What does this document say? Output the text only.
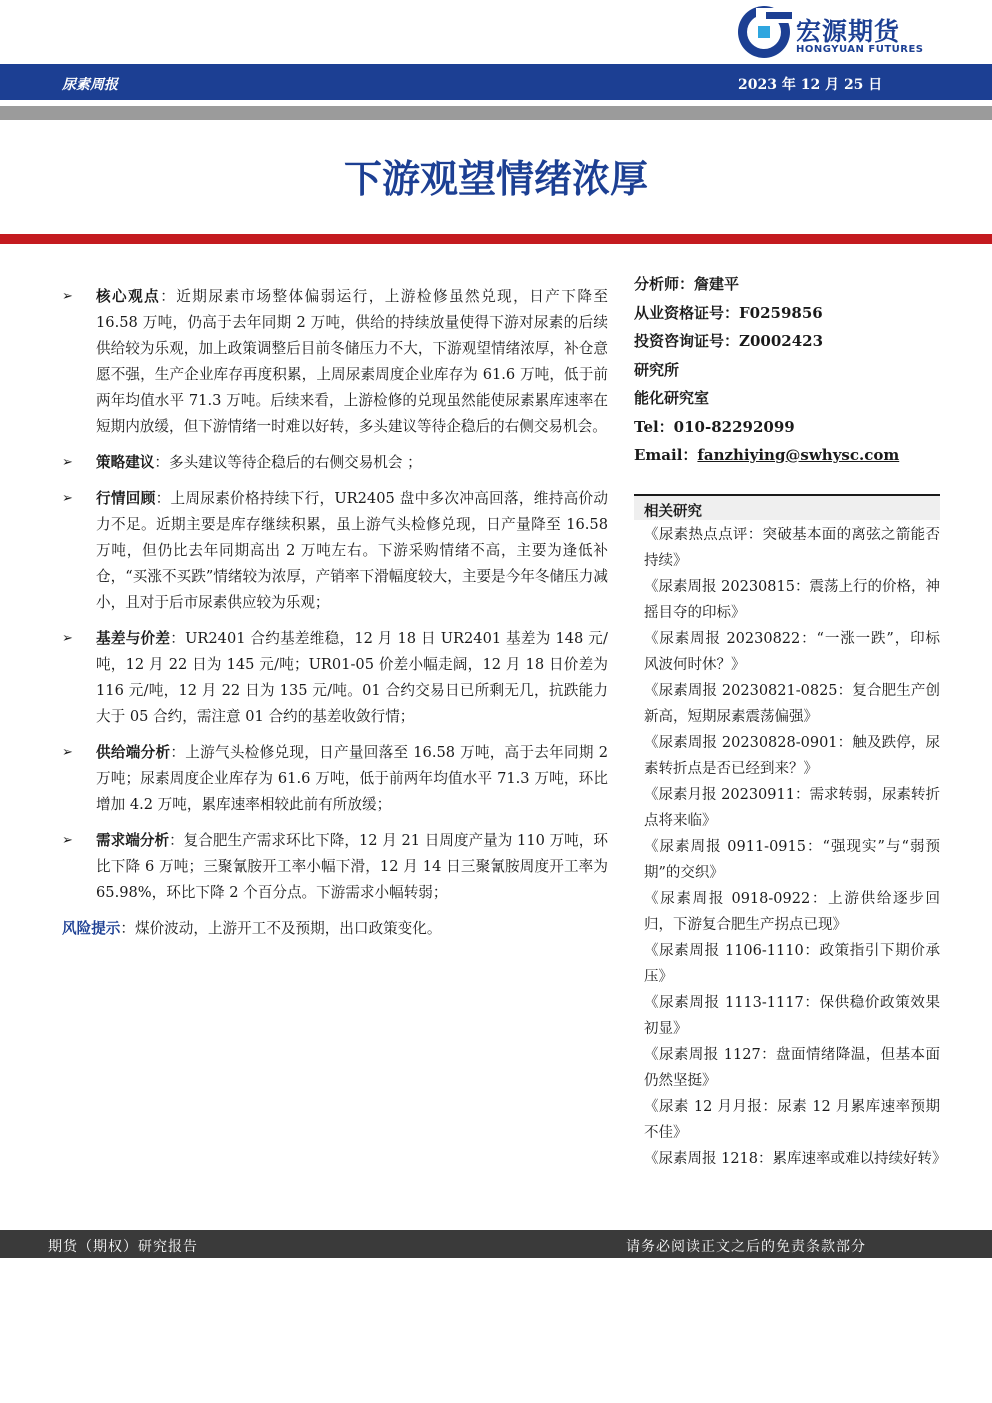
宏源期货
HONGYUAN FUTURES
尿素周报	2023 年 12 月 25 日
下游观望情绪浓厚
➢ 核心观点：近期尿素市场整体偏弱运行，上游检修虽然兑现，日产下降至 16.58 万吨，仍高于去年同期 2 万吨，供给的持续放量使得下游对尿素的后续供给较为乐观，加上政策调整后目前冬储压力不大，下游观望情绪浓厚，补仓意愿不强，生产企业库存再度积累，上周尿素周度企业库存为 61.6 万吨，低于前两年均值水平 71.3 万吨。后续来看，上游检修的兑现虽然能使尿素累库速率在短期内放缓，但下游情绪一时难以好转，多头建议等待企稳后的右侧交易机会。
➢ 策略建议：多头建议等待企稳后的右侧交易机会 ；
➢ 行情回顾：上周尿素价格持续下行，UR2405 盘中多次冲高回落，维持高价动力不足。近期主要是库存继续积累，虽上游气头检修兑现，日产量降至 16.58 万吨，但仍比去年同期高出 2 万吨左右。下游采购情绪不高，主要为逢低补仓，“买涨不买跌”情绪较为浓厚，产销率下滑幅度较大，主要是今年冬储压力减小，且对于后市尿素供应较为乐观；
➢ 基差与价差：UR2401 合约基差维稳，12 月 18 日 UR2401 基差为 148 元/吨，12 月 22 日为 145 元/吨；UR01-05 价差小幅走阔，12 月 18 日价差为 116 元/吨，12 月 22 日为 135 元/吨。01 合约交易日已所剩无几，抗跌能力大于 05 合约，需注意 01 合约的基差收敛行情；
➢ 供给端分析：上游气头检修兑现，日产量回落至 16.58 万吨，高于去年同期 2 万吨；尿素周度企业库存为 61.6 万吨，低于前两年均值水平 71.3 万吨，环比增加 4.2 万吨，累库速率相较此前有所放缓；
➢ 需求端分析：复合肥生产需求环比下降，12 月 21 日周度产量为 110 万吨，环比下降 6 万吨；三聚氰胺开工率小幅下滑，12 月 14 日三聚氰胺周度开工率为 65.98%，环比下降 2 个百分点。下游需求小幅转弱；
风险提示：煤价波动，上游开工不及预期，出口政策变化。
分析师：詹建平
从业资格证号：F0259856
投资咨询证号：Z0002423
研究所
能化研究室
Tel：010-82292099
Email：fanzhiying@swhysc.com
相关研究
《尿素热点点评：突破基本面的离弦之箭能否持续》
《尿素周报 20230815：震荡上行的价格，神摇目夺的印标》
《尿素周报 20230822：“一涨一跌”，印标风波何时休？》
《尿素周报 20230821-0825：复合肥生产创新高，短期尿素震荡偏强》
《尿素周报 20230828-0901：触及跌停，尿素转折点是否已经到来？》
《尿素月报 20230911：需求转弱，尿素转折点将来临》
《尿素周报 0911-0915：“强现实”与“弱预期”的交织》
《尿素周报 0918-0922：上游供给逐步回归，下游复合肥生产拐点已现》
《尿素周报 1106-1110：政策指引下期价承压》
《尿素周报 1113-1117：保供稳价政策效果初显》
《尿素周报 1127：盘面情绪降温，但基本面仍然坚挺》
《尿素 12 月月报：尿素 12 月累库速率预期不佳》
《尿素周报 1218：累库速率或难以持续好转》
期货（期权）研究报告	请务必阅读正文之后的免责条款部分
